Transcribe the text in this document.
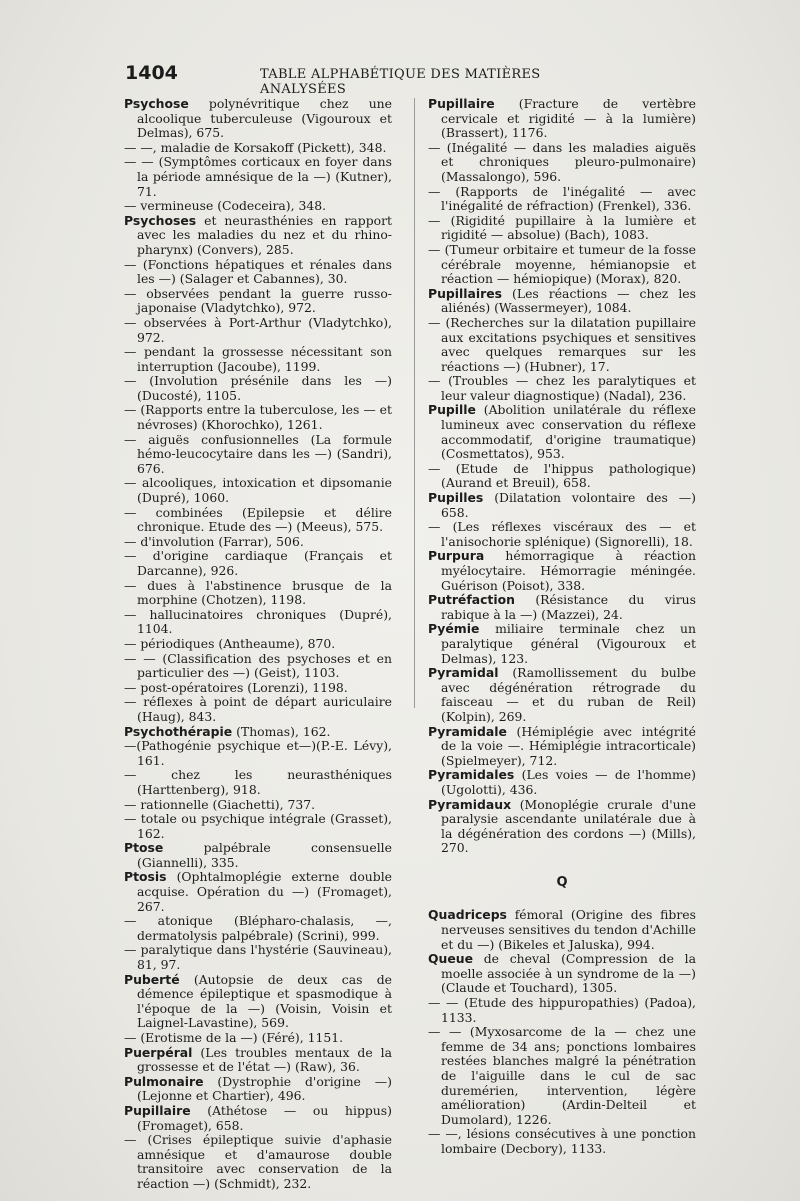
1404	TABLE ALPHABÉTIQUE DES MATIÈRES ANALYSÉES

Psychose polynévritique chez une alcoolique tuberculeuse (Vigouroux et Delmas), 675.

— —, maladie de Korsakoff (Pickett), 348.

— — (Symptômes corticaux en foyer dans la période amnésique de la —) (Kutner), 71.

— vermineuse (Codeceira), 348.

Psychoses et neurasthénies en rapport avec les maladies du nez et du rhino-pharynx) (Convers), 285.

— (Fonctions hépatiques et rénales dans les —) (Salager et Cabannes), 30.

— observées pendant la guerre russo-japonaise (Vladytchko), 972.

— observées à Port-Arthur (Vladytchko), 972.

— pendant la grossesse nécessitant son interruption (Jacoube), 1199.

— (Involution présénile dans les —) (Ducosté), 1105.

— (Rapports entre la tuberculose, les — et névroses) (Khorochko), 1261.

— aiguës confusionnelles (La formule hémo-leucocytaire dans les —) (Sandri), 676.

— alcooliques, intoxication et dipsomanie (Dupré), 1060.

— combinées (Epilepsie et délire chronique. Etude des —) (Meeus), 575.

— d'involution (Farrar), 506.

— d'origine cardiaque (Français et Darcanne), 926.

— dues à l'abstinence brusque de la morphine (Chotzen), 1198.

— hallucinatoires chroniques (Dupré), 1104.

— périodiques (Antheaume), 870.

— — (Classification des psychoses et en particulier des —) (Geist), 1103.

— post-opératoires (Lorenzi), 1198.

— réflexes à point de départ auriculaire (Haug), 843.

Psychothérapie (Thomas), 162.

—(Pathogénie psychique et—)(P.-E. Lévy), 161.

— chez les neurasthéniques (Harttenberg), 918.

— rationnelle (Giachetti), 737.

— totale ou psychique intégrale (Grasset), 162.

Ptose	palpébrale consensuelle (Giannelli), 335.

Ptosis (Ophtalmoplégie externe double acquise. Opération du —) (Fromaget), 267.

— atonique (Blépharo-chalasis, —, dermatolysis palpébrale) (Scrini), 999.

— paralytique dans l'hystérie (Sauvineau), 81, 97.

Puberté (Autopsie de deux cas de démence épileptique et spasmodique à l'époque de la —) (Voisin, Voisin et Laignel-Lavastine), 569.

— (Erotisme de la —) (Féré), 1151.

Puerpéral (Les troubles mentaux de la grossesse et de l'état —) (Raw), 36.

Pulmonaire (Dystrophie d'origine —) (Lejonne et Chartier), 496.

Pupillaire (Athétose — ou hippus) (Fromaget), 658.

— (Crises épileptique suivie d'aphasie amnésique et d'amaurose double transitoire avec conservation de la réaction —) (Schmidt), 232.

Pupillaire (Fracture de vertèbre cervicale et rigidité — à la lumière) (Brassert), 1176.

— (Inégalité — dans les maladies aiguës et chroniques pleuro-pulmonaire) (Massalongo), 596.

— (Rapports de l'inégalité — avec l'inégalité de réfraction) (Frenkel), 336.

— (Rigidité pupillaire à la lumière et rigidité — absolue) (Bach), 1083.

— (Tumeur orbitaire et tumeur de la fosse cérébrale moyenne, hémianopsie et réaction — hémiopique) (Morax), 820.

Pupillaires (Les réactions — chez les aliénés) (Wassermeyer), 1084.

— (Recherches sur la dilatation pupillaire aux excitations psychiques et sensitives avec quelques remarques sur les réactions —) (Hubner), 17.

— (Troubles — chez les paralytiques et leur valeur diagnostique) (Nadal), 236.

Pupille (Abolition unilatérale du réflexe lumineux avec conservation du réflexe accommodatif, d'origine traumatique) (Cosmettatos), 953.

— (Etude de l'hippus pathologique) (Aurand et Breuil), 658.

Pupilles (Dilatation volontaire des —) 658.

— (Les réflexes viscéraux des — et l'anisochorie splénique) (Signorelli), 18.

Purpura hémorragique à réaction myélocytaire. Hémorragie méningée. Guérison (Poisot), 338.

Putréfaction (Résistance du virus rabique à la —) (Mazzei), 24.

Pyémie miliaire terminale chez un paralytique général (Vigouroux et Delmas), 123.

Pyramidal (Ramollissement du bulbe avec dégénération rétrograde du faisceau — et du ruban de Reil) (Kolpin), 269.

Pyramidale (Hémiplégie avec intégrité de la voie —. Hémiplégie intracorticale) (Spielmeyer), 712.

Pyramidales (Les voies — de l'homme) (Ugolotti), 436.

Pyramidaux (Monoplégie crurale d'une paralysie ascendante unilatérale due à la dégénération des cordons —) (Mills), 270.

Q

Quadriceps fémoral (Origine des fibres nerveuses sensitives du tendon d'Achille et du —) (Bikeles et Jaluska), 994.

Queue de cheval (Compression de la moelle associée à un syndrome de la —) (Claude et Touchard), 1305.

— — (Etude des hippuropathies) (Padoa), 1133.

— — (Myxosarcome de la — chez une femme de 34 ans; ponctions lombaires restées blanches malgré la pénétration de l'aiguille dans le cul de sac duremérien, intervention, légère amélioration) (Ardin-Delteil et Dumolard), 1226.

— —, lésions consécutives à une ponction lombaire (Decbory), 1133.
